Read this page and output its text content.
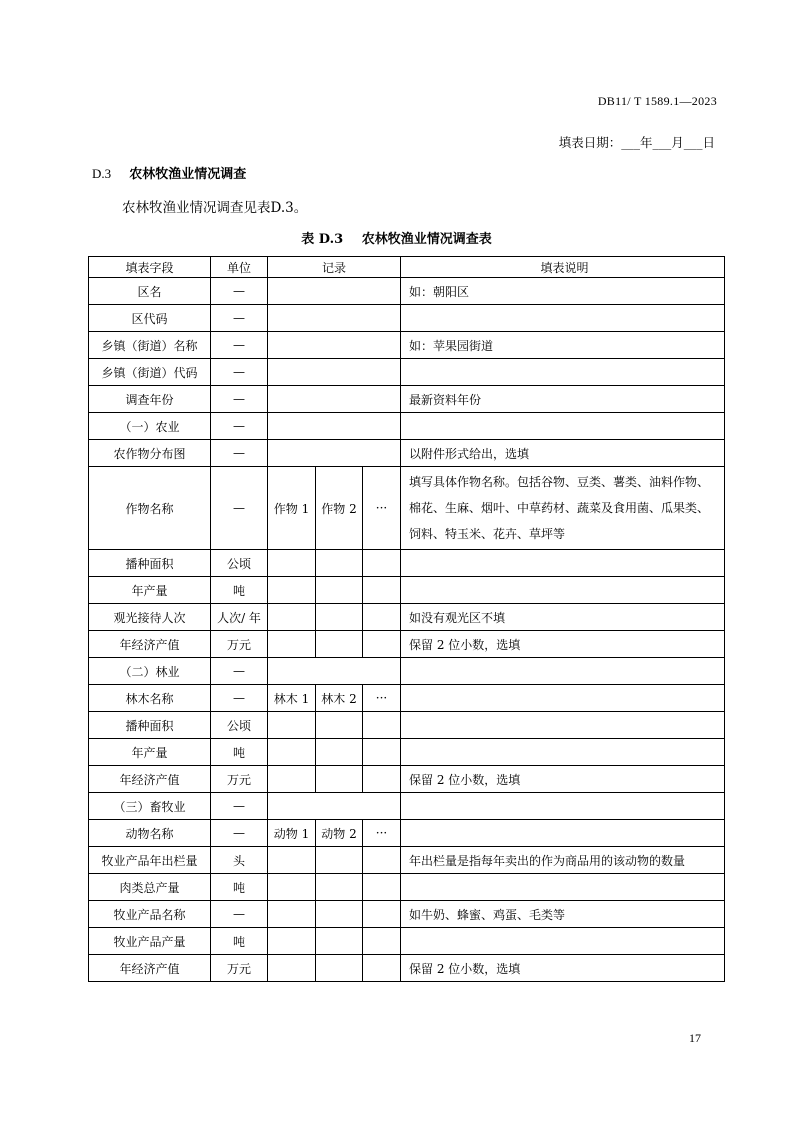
DB11/ T 1589.1—2023
填表日期：___年___月___日
D.3 农林牧渔业情况调查
农林牧渔业情况调查见表D.3。
表 D.3 农林牧渔业情况调查表
填表字段	单位	记录			填表说明
区名	—				如：朝阳区
区代码	—				
乡镇（街道）名称	—				如：苹果园街道
乡镇（街道）代码	—				
调查年份	—				最新资料年份
（一）农业	—				
农作物分布图	—				以附件形式给出，选填
作物名称	—	作物 1	作物 2	···	填写具体作物名称。包括谷物、豆类、薯类、油料作物、棉花、生麻、烟叶、中草药材、蔬菜及食用菌、瓜果类、饲料、特玉米、花卉、草坪等
播种面积	公顷				
年产量	吨				
观光接待人次	人次/ 年				如没有观光区不填
年经济产值	万元				保留 2 位小数，选填
（二）林业	—				
林木名称	—	林木 1	林木 2	···	
播种面积	公顷				
年产量	吨				
年经济产值	万元				保留 2 位小数，选填
（三）畜牧业	—				
动物名称	—	动物 1	动物 2	···	
牧业产品年出栏量	头				年出栏量是指每年卖出的作为商品用的该动物的数量
肉类总产量	吨				
牧业产品名称	—				如牛奶、蜂蜜、鸡蛋、毛类等
牧业产品产量	吨				
年经济产值	万元				保留 2 位小数，选填
17
